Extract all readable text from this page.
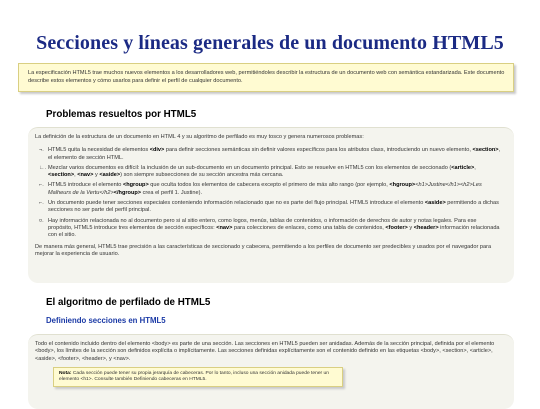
Secciones y líneas generales de un documento HTML5
La especificación HTML5 trae muchos nuevos elementos a los desarrolladores web, permitiéndoles describir la estructura de un documento web con semántica estandarizada. Este documento describe estos elementos y cómo usarlos para definir el perfil de cualquier documento.
Problemas resueltos por HTML5

La definición de la estructura de un documento en HTML 4 y su algoritmo de perfilado es muy tosco y genera numerosos problemas:

¬. HTML5 quita la necesidad de elementos <div> para definir secciones semánticas sin definir valores específicos para los atributos class, introduciendo un nuevo elemento, <section>, el elemento de sección HTML.
∟. Mezclar varios documentos es difícil: la inclusión de un sub-documento en un documento principal. Esto se resuelve en HTML5 con los elementos de seccionado (<article>, <section>, <nav> y <aside>) son siempre subsecciones de su sección ancestra más cercana.
⌐. HTML5 introduce el elemento <hgroup> que oculta todos los elementos de cabecera excepto el primero de más alto rango (por ejemplo, <hgroup><h1>Justine</h1><h2>Les Malheurs de la Vertu</h2></hgroup> crea el perfil 1. Justine).
⌐. Un documento puede tener secciones especiales conteniendo información relacionado que no es parte del flujo principal. HTML5 introduce el elemento <aside> permitiendo a dichas secciones no ser parte del perfil principal.
¤. Hay información relacionada no al documento pero si al sitio entero, como logos, menús, tablas de contenidos, o información de derechos de autor y notas legales. Para ese propósito, HTML5 introduce tres elementos de sección específicos: <nav> para colecciones de enlaces, como una tabla de contenidos, <footer> y <header> información relacionada con el sitio.

De manera más general, HTML5 trae precisión a las características de seccionado y cabecera, permitiendo a los perfiles de documento ser predecibles y usados por el navegador para mejorar la experiencia de usuario.

El algoritmo de perfilado de HTML5
Definiendo secciones en HTML5

Todo el contenido incluido dentro del elemento <body> es parte de una sección. Las secciones en HTML5 pueden ser anidadas. Además de la sección principal, definida por el elemento <body>, los límites de la sección son definidos explícita o implícitamente. Las secciones definidas explícitamente son el contenido definido en las etiquetas <body>, <section>, <article>, <aside>, <footer>, <header>, y <nav>.

Nota: Cada sección puede tener su propia jerarquía de cabeceras. Por lo tanto, incluso una sección anidada puede tener un elemento <h1>. Consulte también Definiendo cabeceras en HTML5.
